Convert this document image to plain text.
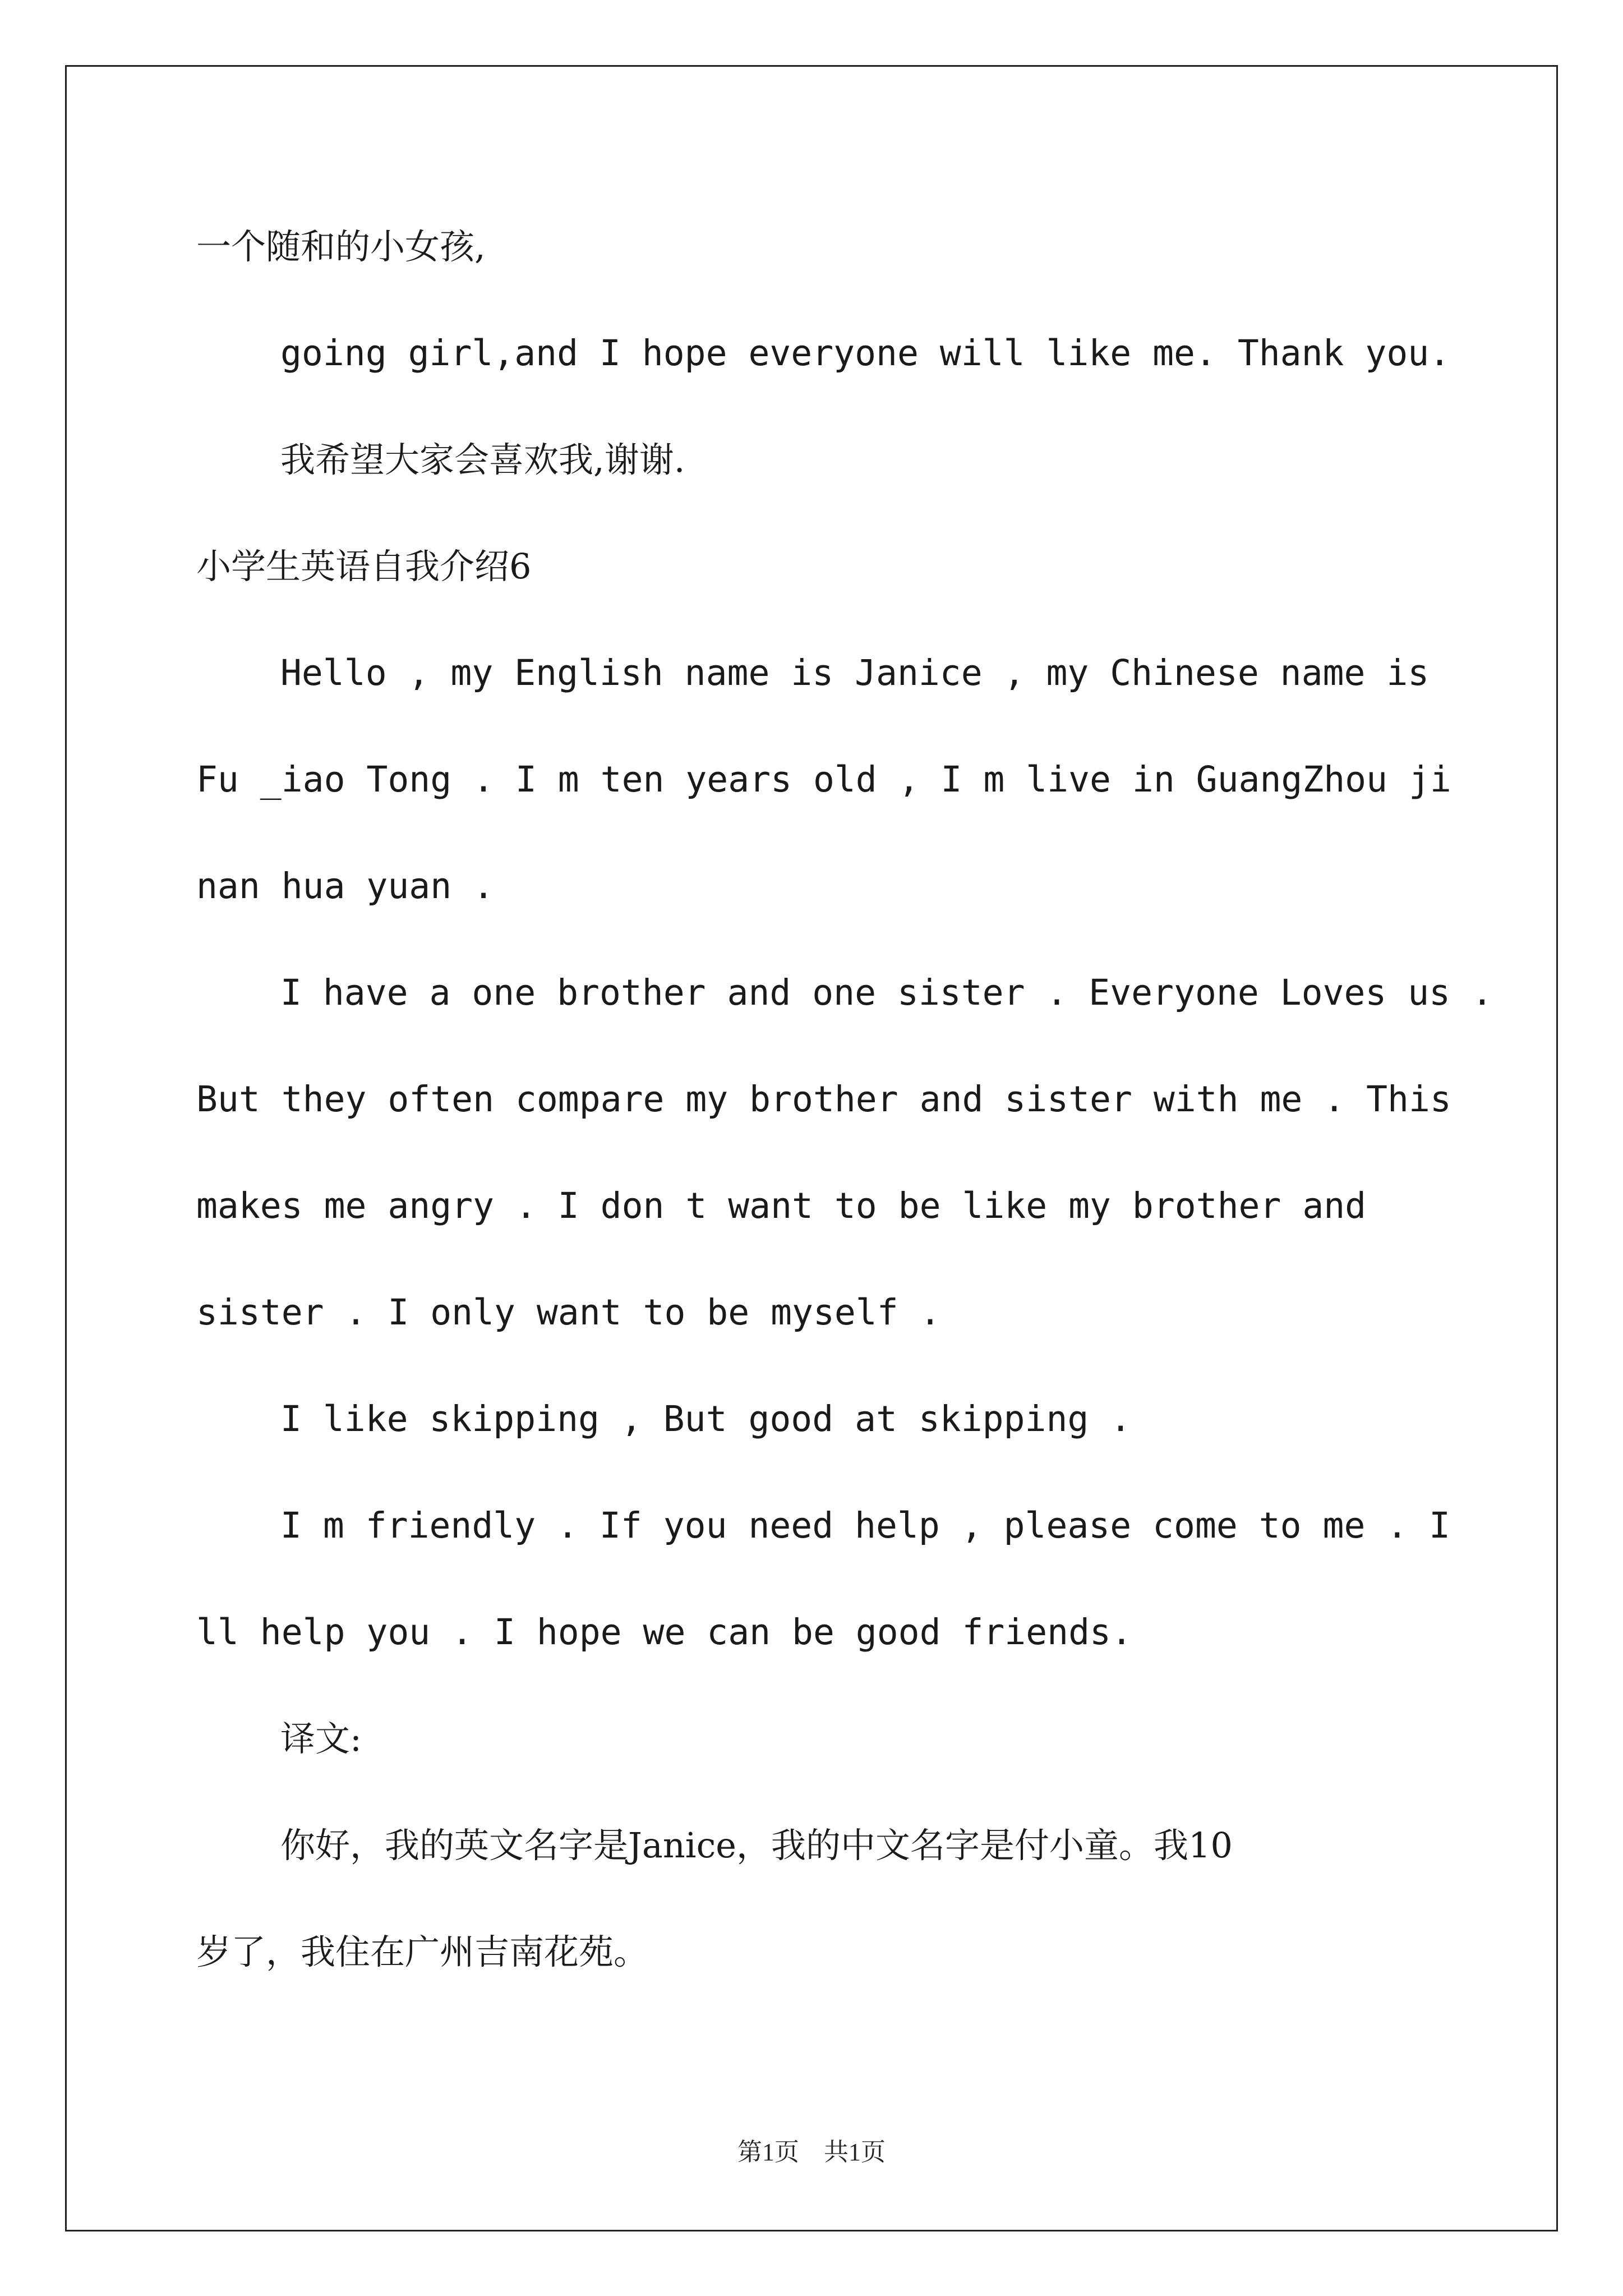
一个随和的小女孩,
going girl,and I hope everyone will like me. Thank you.
我希望大家会喜欢我,谢谢.
小学生英语自我介绍6
Hello , my English name is Janice , my Chinese name is
Fu _iao Tong . I m ten years old , I m live in GuangZhou ji
nan hua yuan .
I have a one brother and one sister . Everyone Loves us .
But they often compare my brother and sister with me . This
makes me angry . I don t want to be like my brother and
sister . I only want to be myself .
I like skipping , But good at skipping .
I m friendly . If you need help , please come to me . I
ll help you . I hope we can be good friends.
译文:
你好，我的英文名字是Janice，我的中文名字是付小童。我10
岁了，我住在广州吉南花苑。
第1页　共1页
